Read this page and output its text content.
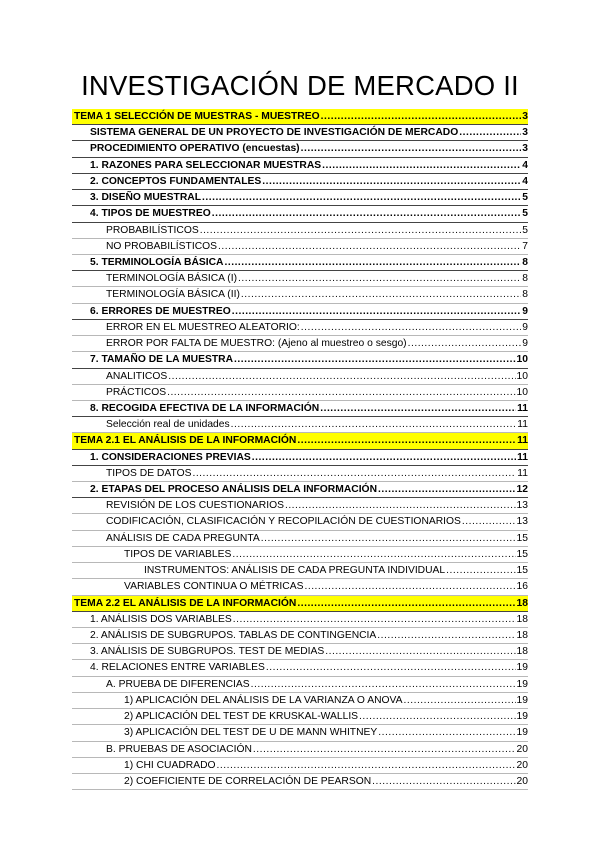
INVESTIGACIÓN DE MERCADO II
TEMA 1 SELECCIÓN DE MUESTRAS - MUESTREO .....	3
SISTEMA GENERAL DE UN PROYECTO DE INVESTIGACIÓN DE MERCADO .....	3
PROCEDIMIENTO OPERATIVO (encuestas) .....	3
1. RAZONES PARA SELECCIONAR MUESTRAS .....	4
2. CONCEPTOS FUNDAMENTALES .....	4
3. DISEÑO MUESTRAL .....	5
4. TIPOS DE MUESTREO .....	5
PROBABILÍSTICOS .....	5
NO PROBABILÍSTICOS .....	7
5. TERMINOLOGÍA BÁSICA .....	8
TERMINOLOGÍA BÁSICA (I) .....	8
TERMINOLOGÍA BÁSICA (II) .....	8
6. ERRORES DE MUESTREO .....	9
ERROR EN EL MUESTREO ALEATORIO: .....	9
ERROR POR FALTA DE MUESTRO: (Ajeno al muestreo o sesgo) .....	9
7. TAMAÑO DE LA MUESTRA .....	10
ANALITICOS .....	10
PRÁCTICOS .....	10
8. RECOGIDA EFECTIVA DE LA INFORMACIÓN .....	11
Selección real de unidades .....	11
TEMA 2.1 EL ANÁLISIS DE LA INFORMACIÓN .....	11
1. CONSIDERACIONES PREVIAS .....	11
TIPOS DE DATOS .....	11
2. ETAPAS DEL PROCESO ANÁLISIS DELA INFORMACIÓN .....	12
REVISIÓN DE LOS CUESTIONARIOS .....	13
CODIFICACIÓN, CLASIFICACIÓN Y RECOPILACIÓN DE CUESTIONARIOS .....	13
ANÁLISIS DE CADA PREGUNTA .....	15
TIPOS DE VARIABLES .....	15
INSTRUMENTOS: ANÁLISIS DE CADA PREGUNTA INDIVIDUAL .....	15
VARIABLES CONTINUA O MÉTRICAS .....	16
TEMA 2.2 EL ANÁLISIS DE LA INFORMACIÓN .....	18
1. ANÁLISIS DOS VARIABLES .....	18
2. ANÁLISIS DE SUBGRUPOS. TABLAS DE CONTINGENCIA .....	18
3. ANÁLISIS DE SUBGRUPOS. TEST DE MEDIAS .....	18
4. RELACIONES ENTRE VARIABLES .....	19
A. PRUEBA DE DIFERENCIAS .....	19
1) APLICACIÓN DEL ANÁLISIS DE LA VARIANZA O ANOVA .....	19
2) APLICACIÓN DEL TEST DE KRUSKAL-WALLIS .....	19
3) APLICACIÓN DEL TEST DE U DE MANN WHITNEY .....	19
B. PRUEBAS DE ASOCIACIÓN .....	20
1) CHI CUADRADO .....	20
2) COEFICIENTE DE CORRELACIÓN DE PEARSON .....	20
